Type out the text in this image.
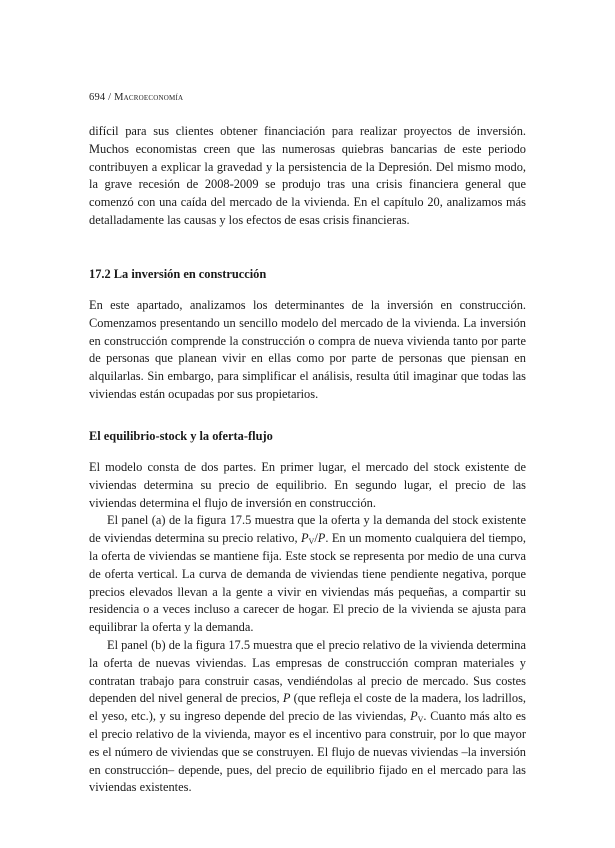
694 / Macroeconomía

difícil para sus clientes obtener financiación para realizar proyectos de inversión. Muchos economistas creen que las numerosas quiebras bancarias de este periodo contribuyen a explicar la gravedad y la persistencia de la Depresión. Del mismo modo, la grave recesión de 2008-2009 se produjo tras una crisis financiera general que comenzó con una caída del mercado de la vivienda. En el capítulo 20, analizamos más detalladamente las causas y los efectos de esas crisis financieras.

17.2 La inversión en construcción

En este apartado, analizamos los determinantes de la inversión en construcción. Comenzamos presentando un sencillo modelo del mercado de la vivienda. La inversión en construcción comprende la construcción o compra de nueva vivienda tanto por parte de personas que planean vivir en ellas como por parte de personas que piensan en alquilarlas. Sin embargo, para simplificar el análisis, resulta útil imaginar que todas las viviendas están ocupadas por sus propietarios.

El equilibrio-stock y la oferta-flujo

El modelo consta de dos partes. En primer lugar, el mercado del stock existente de viviendas determina su precio de equilibrio. En segundo lugar, el precio de las viviendas determina el flujo de inversión en construcción.

El panel (a) de la figura 17.5 muestra que la oferta y la demanda del stock existente de viviendas determina su precio relativo, $P_V/P$. En un momento cualquiera del tiempo, la oferta de viviendas se mantiene fija. Este stock se representa por medio de una curva de oferta vertical. La curva de demanda de viviendas tiene pendiente negativa, porque precios elevados llevan a la gente a vivir en viviendas más pequeñas, a compartir su residencia o a veces incluso a carecer de hogar. El precio de la vivienda se ajusta para equilibrar la oferta y la demanda.

El panel (b) de la figura 17.5 muestra que el precio relativo de la vivienda determina la oferta de nuevas viviendas. Las empresas de construcción compran materiales y contratan trabajo para construir casas, vendiéndolas al precio de mercado. Sus costes dependen del nivel general de precios, P (que refleja el coste de la madera, los ladrillos, el yeso, etc.), y su ingreso depende del precio de las viviendas, $P_V$. Cuanto más alto es el precio relativo de la vivienda, mayor es el incentivo para construir, por lo que mayor es el número de viviendas que se construyen. El flujo de nuevas viviendas –la inversión en construcción– depende, pues, del precio de equilibrio fijado en el mercado para las viviendas existentes.
